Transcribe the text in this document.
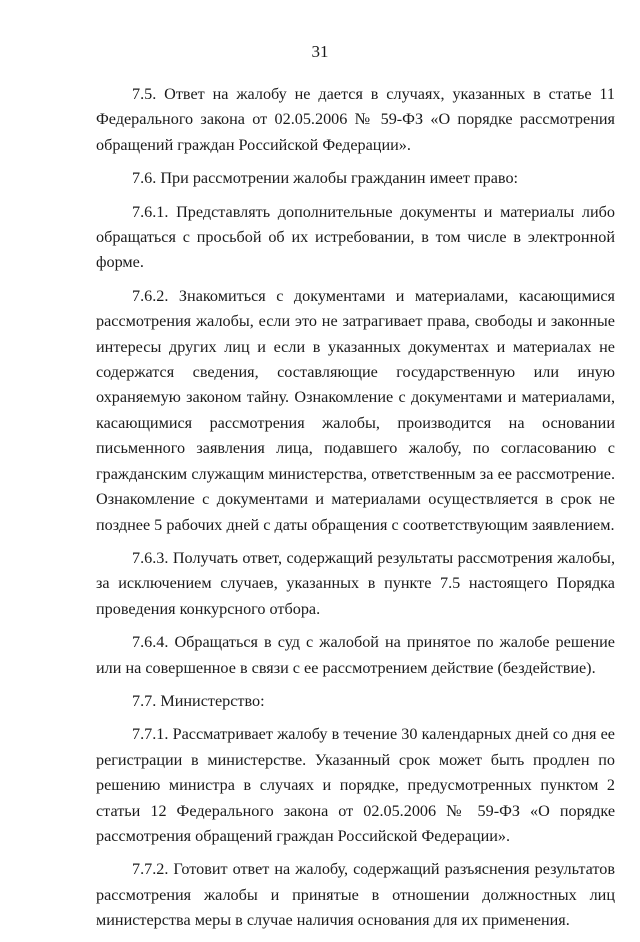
31

7.5. Ответ на жалобу не дается в случаях, указанных в статье 11 Федерального закона от 02.05.2006 № 59-ФЗ «О порядке рассмотрения обращений граждан Российской Федерации».

7.6. При рассмотрении жалобы гражданин имеет право:

7.6.1. Представлять дополнительные документы и материалы либо обращаться с просьбой об их истребовании, в том числе в электронной форме.

7.6.2. Знакомиться с документами и материалами, касающимися рассмотрения жалобы, если это не затрагивает права, свободы и законные интересы других лиц и если в указанных документах и материалах не содержатся сведения, составляющие государственную или иную охраняемую законом тайну. Ознакомление с документами и материалами, касающимися рассмотрения жалобы, производится на основании письменного заявления лица, подавшего жалобу, по согласованию с гражданским служащим министерства, ответственным за ее рассмотрение. Ознакомление с документами и материалами осуществляется в срок не позднее 5 рабочих дней с даты обращения с соответствующим заявлением.

7.6.3. Получать ответ, содержащий результаты рассмотрения жалобы, за исключением случаев, указанных в пункте 7.5 настоящего Порядка проведения конкурсного отбора.

7.6.4. Обращаться в суд с жалобой на принятое по жалобе решение или на совершенное в связи с ее рассмотрением действие (бездействие).

7.7. Министерство:

7.7.1. Рассматривает жалобу в течение 30 календарных дней со дня ее регистрации в министерстве. Указанный срок может быть продлен по решению министра в случаях и порядке, предусмотренных пунктом 2 статьи 12 Федерального закона от 02.05.2006 № 59-ФЗ «О порядке рассмотрения обращений граждан Российской Федерации».

7.7.2. Готовит ответ на жалобу, содержащий разъяснения результатов рассмотрения жалобы и принятые в отношении должностных лиц министерства меры в случае наличия основания для их применения.
